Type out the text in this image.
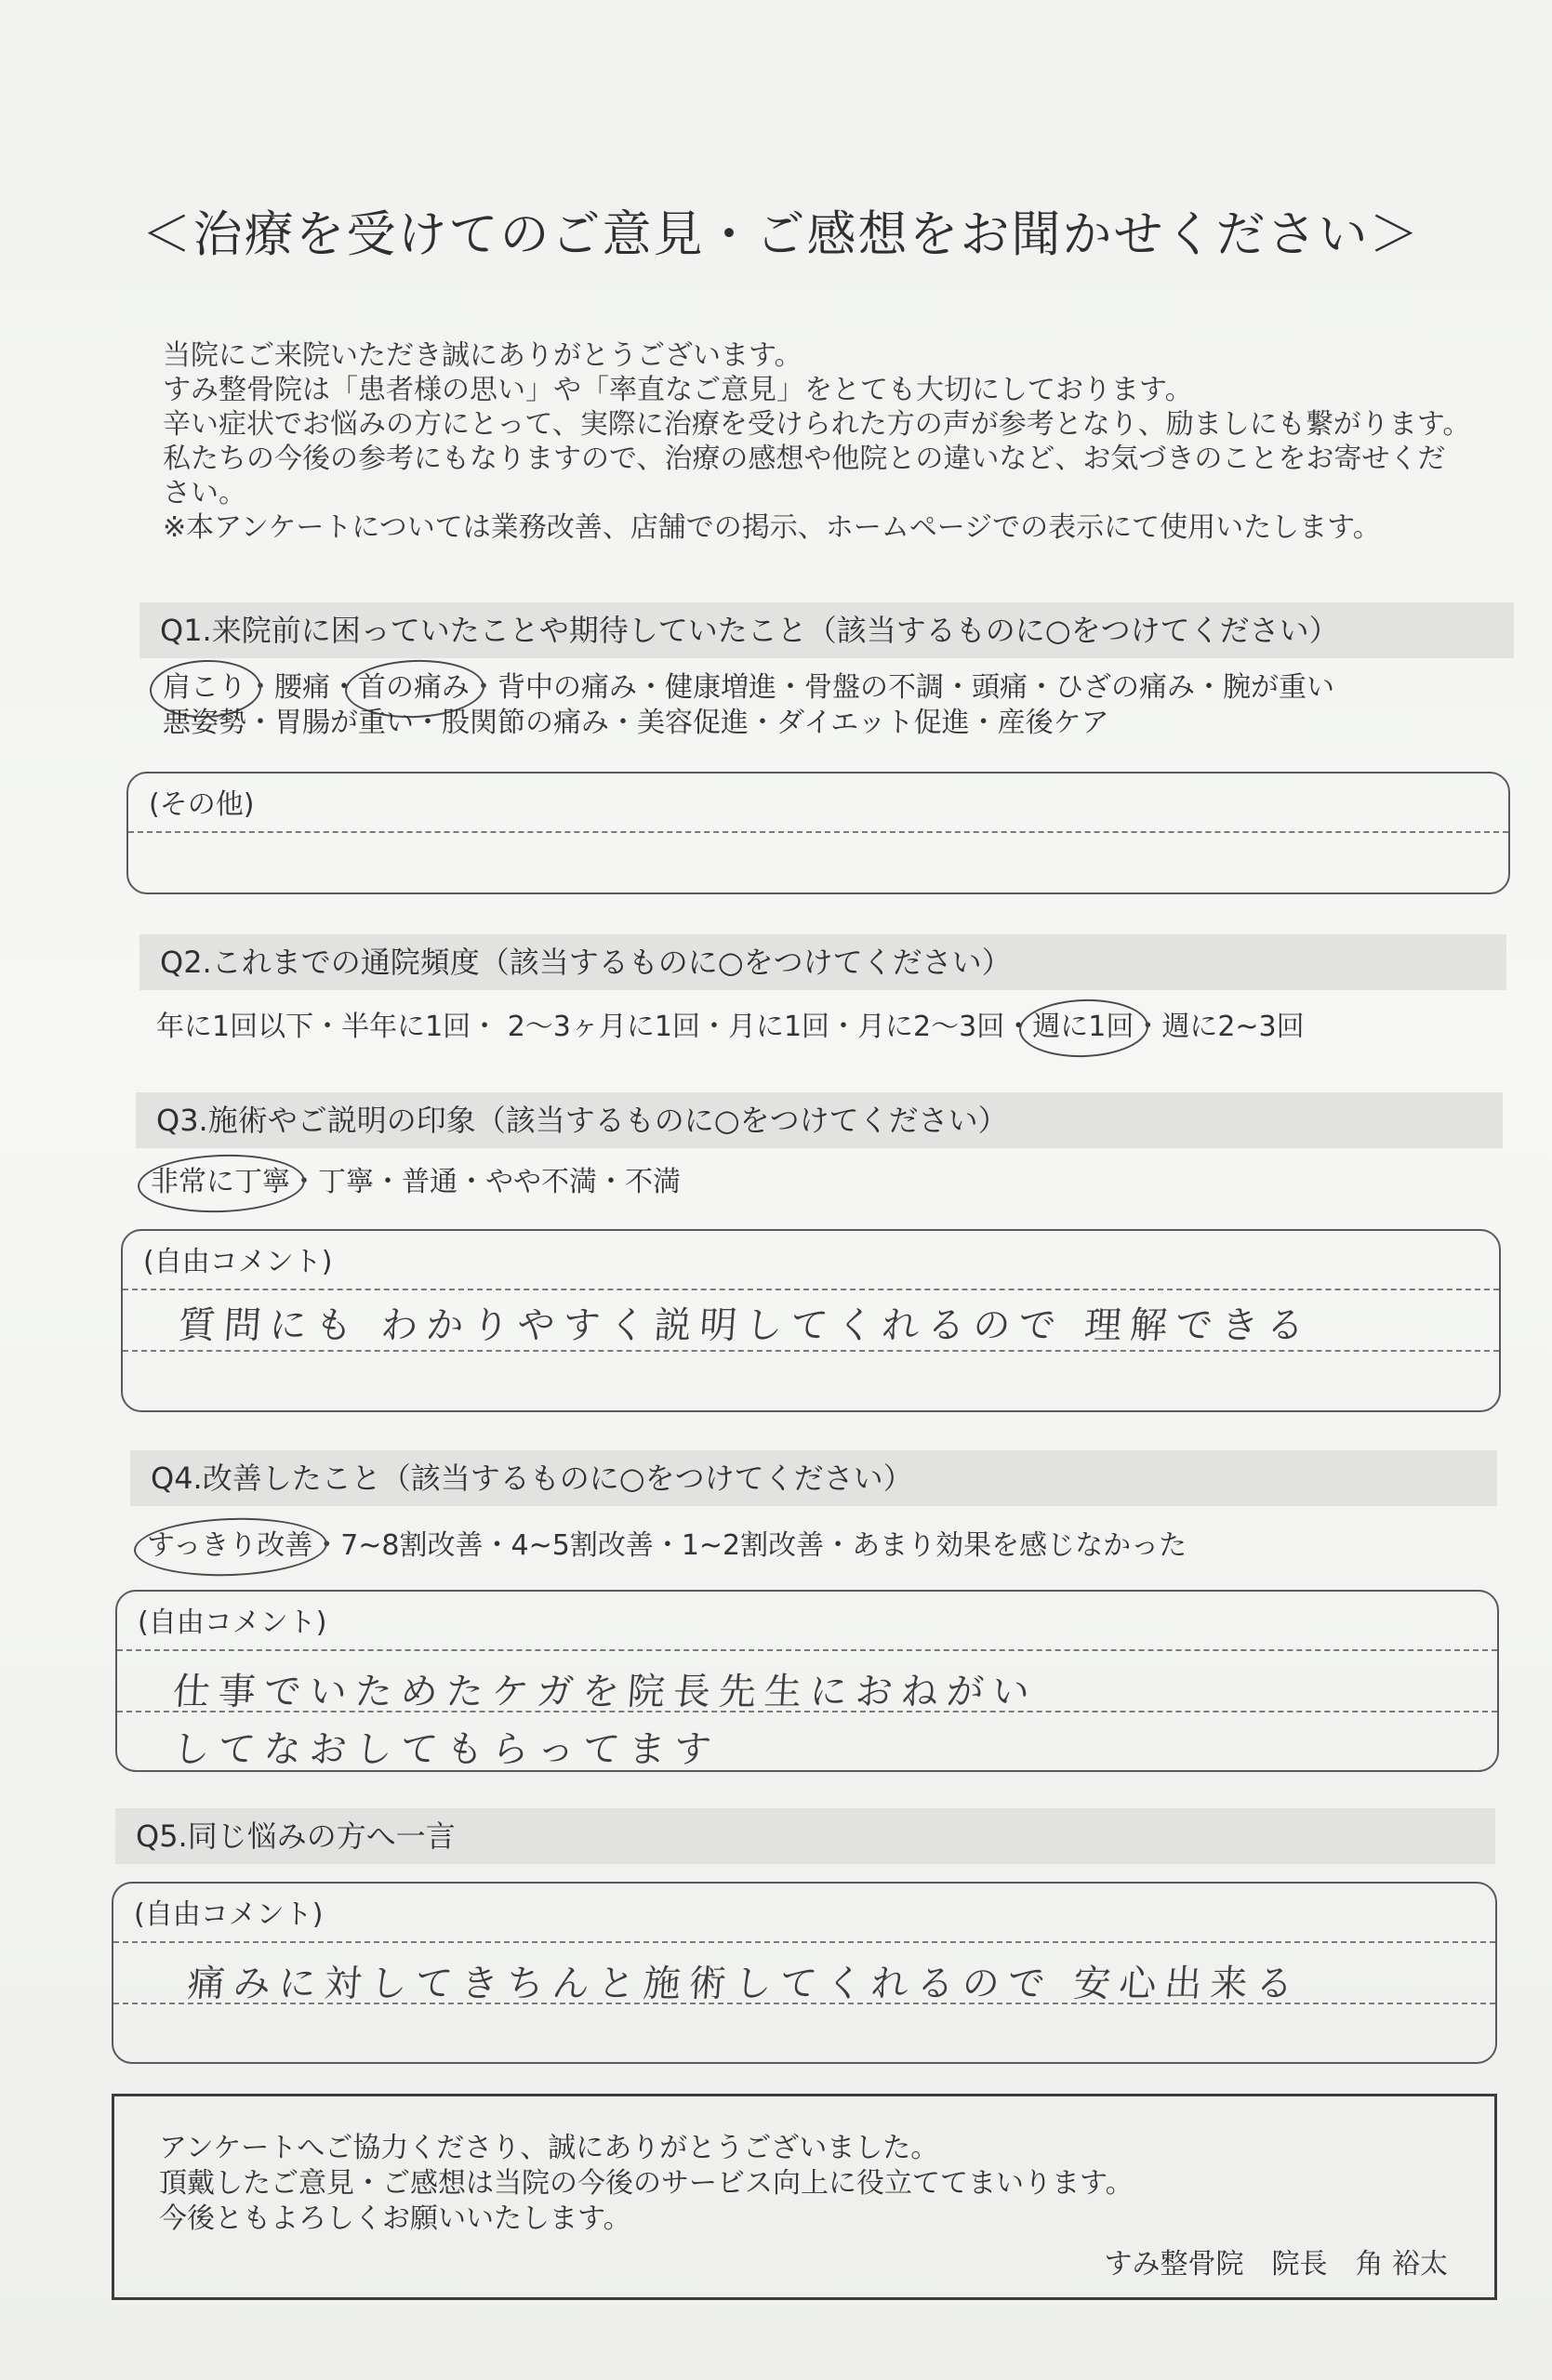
＜治療を受けてのご意見・ご感想をお聞かせください＞
当院にご来院いただき誠にありがとうございます。
すみ整骨院は「患者様の思い」や「率直なご意見」をとても大切にしております。
辛い症状でお悩みの方にとって、実際に治療を受けられた方の声が参考となり、励ましにも繋がります。
私たちの今後の参考にもなりますので、治療の感想や他院との違いなど、お気づきのことをお寄せくだ
さい。
※本アンケートについては業務改善、店舗での掲示、ホームページでの表示にて使用いたします。
Q1.来院前に困っていたことや期待していたこと（該当するものに○をつけてください）
肩こり・腰痛・首の痛み・背中の痛み・健康増進・骨盤の不調・頭痛・ひざの痛み・腕が重い
悪姿勢・胃腸が重い・股関節の痛み・美容促進・ダイエット促進・産後ケア
(その他)
Q2.これまでの通院頻度（該当するものに○をつけてください）
年に1回以下・半年に1回・ 2～3ヶ月に1回・月に1回・月に2～3回・週に1回・週に2~3回
Q3.施術やご説明の印象（該当するものに○をつけてください）
非常に丁寧・丁寧・普通・やや不満・不満
(自由コメント)
質問にも わかりやすく説明してくれるので 理解できる
Q4.改善したこと（該当するものに○をつけてください）
すっきり改善・7~8割改善・4~5割改善・1~2割改善・あまり効果を感じなかった
(自由コメント)
仕事でいためたケガを院長先生におねがい
してなおしてもらってます
Q5.同じ悩みの方へ一言
(自由コメント)
痛みに対してきちんと施術してくれるので 安心出来る
アンケートへご協力くださり、誠にありがとうございました。
頂戴したご意見・ご感想は当院の今後のサービス向上に役立ててまいります。
今後ともよろしくお願いいたします。
すみ整骨院　院長　角 裕太
